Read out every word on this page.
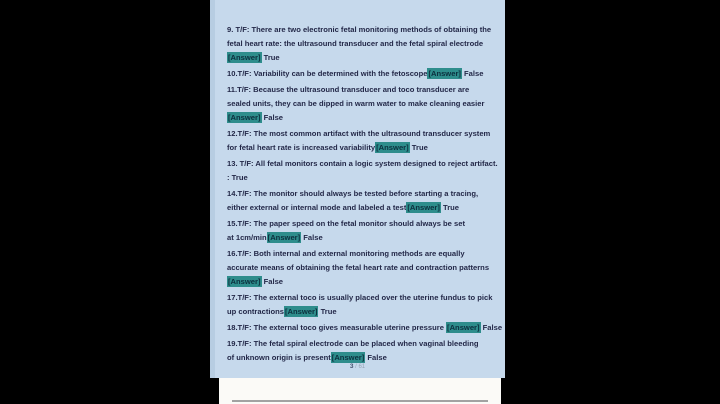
9. T/F: There are two electronic fetal monitoring methods of obtaining the
fetal heart rate: the ultrasound transducer and the fetal spiral electrode
[Answer] True
10.T/F: Variability can be determined with the fetoscope[Answer] False
11.T/F: Because the ultrasound transducer and toco transducer are
sealed units, they can be dipped in warm water to make cleaning easier
[Answer] False
12.T/F: The most common artifact with the ultrasound transducer system
for fetal heart rate is increased variability[Answer] True
13. T/F: All fetal monitors contain a logic system designed to reject artifact.
: True
14.T/F: The monitor should always be tested before starting a tracing,
either external or internal mode and labeled a test[Answer] True
15.T/F: The paper speed on the fetal monitor should always be set
at 1cm/min[Answer] False
16.T/F: Both internal and external monitoring methods are equally
accurate means of obtaining the fetal heart rate and contraction patterns
[Answer] False
17.T/F: The external toco is usually placed over the uterine fundus to pick
up contractions[Answer] True
18.T/F: The external toco gives measurable uterine pressure [Answer] False
19.T/F: The fetal spiral electrode can be placed when vaginal bleeding
of unknown origin is present[Answer] False
3 / 61
